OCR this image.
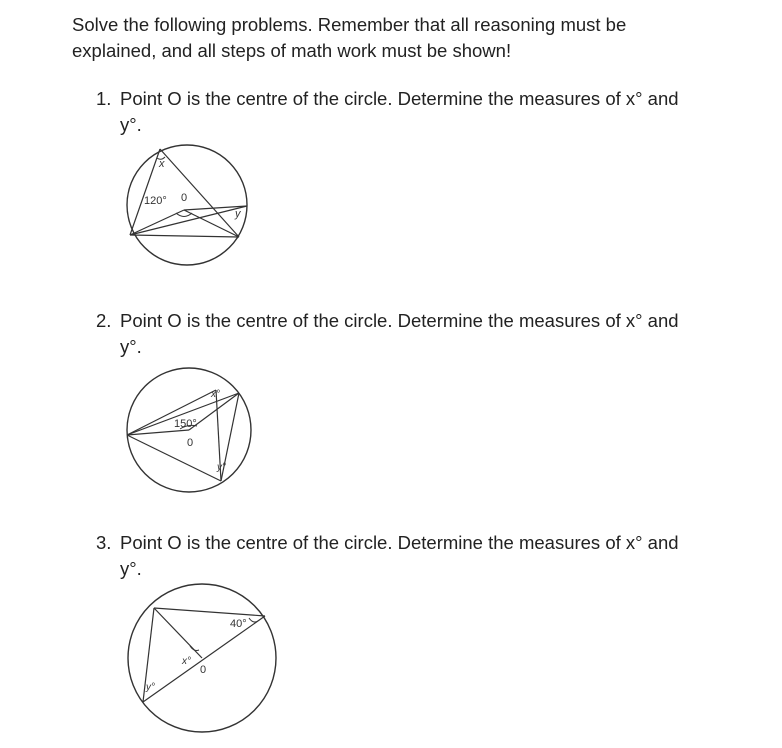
Solve the following problems. Remember that all reasoning must be explained, and all steps of math work must be shown!

1. Point O is the centre of the circle. Determine the measures of x° and y°.
120° 0
x
y
2. Point O is the centre of the circle. Determine the measures of x° and y°.
150°
0
x°
y°
3. Point O is the centre of the circle. Determine the measures of x° and y°.
40°
0
x°
y°
